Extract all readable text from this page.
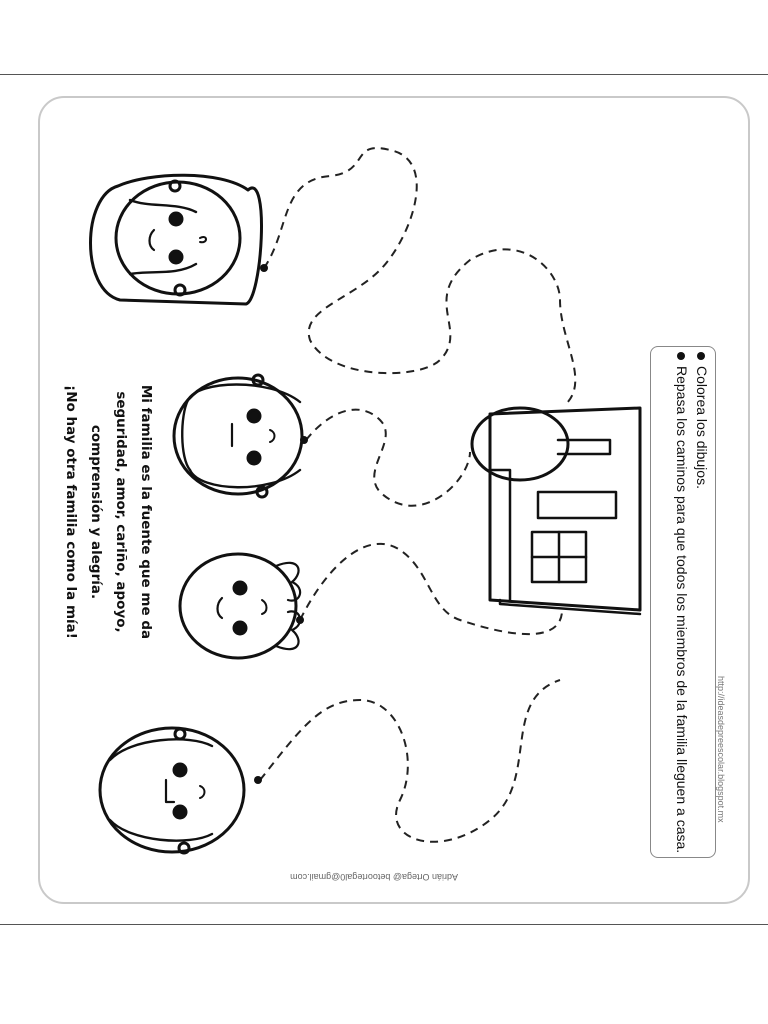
Mi familia es la fuente que me da
seguridad, amor, cariño, apoyo,
comprensión y alegría.
¡No hay otra familia como la mía!	Colorea los dibujos.
Repasa los caminos para que todos los miembros de la familia lleguen a casa.	http://ideasdepreescolar.blogspot.mx
Adrián Ortega@ betoortegal0@gmail.com
